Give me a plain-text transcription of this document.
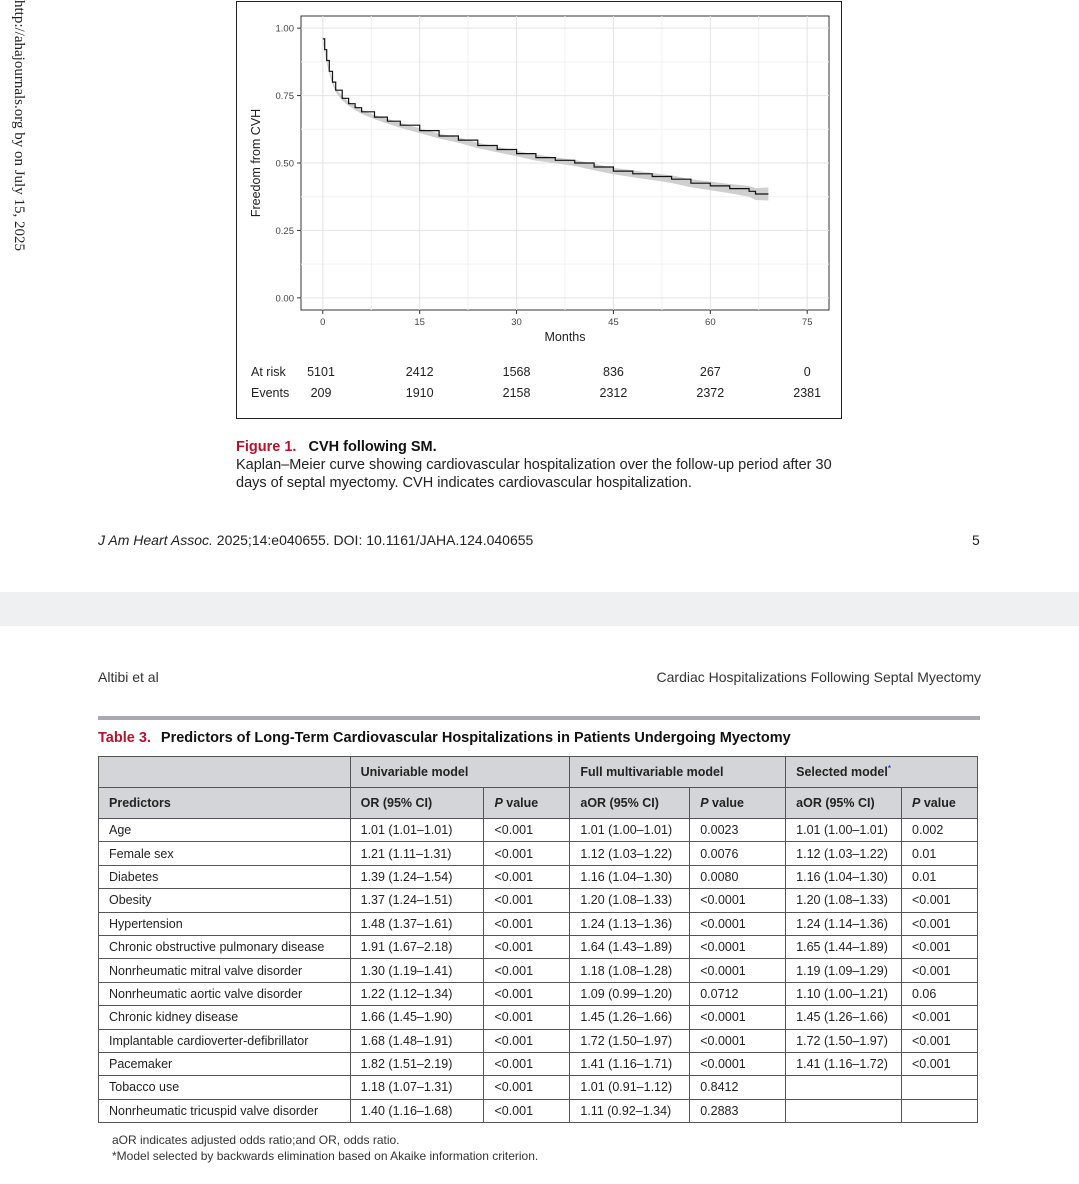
http://ahajournals.org by on July 15, 2025
0.00
0.25
0.50
0.75
1.00
0	15	30	45	60	75
Months
Freedom from CVH
At risk 5101	2412	1568	836	267	0
Events 209	1910	2158	2312	2372	2381
Figure 1. CVH following SM.
Kaplan–Meier curve showing cardiovascular hospitalization over the follow-up period after 30 days of septal myectomy. CVH indicates cardiovascular hospitalization.
J Am Heart Assoc. 2025;14:e040655. DOI: 10.1161/JAHA.124.040655	5
Altibi et al	Cardiac Hospitalizations Following Septal Myectomy
Table 3. Predictors of Long-Term Cardiovascular Hospitalizations in Patients Undergoing Myectomy
	Univariable model		Full multivariable model		Selected model*
Predictors	OR (95% CI)	P value	aOR (95% CI)	P value	aOR (95% CI)	P value
Age	1.01 (1.01–1.01)	<0.001	1.01 (1.00–1.01)	0.0023	1.01 (1.00–1.01)	0.002
Female sex	1.21 (1.11–1.31)	<0.001	1.12 (1.03–1.22)	0.0076	1.12 (1.03–1.22)	0.01
Diabetes	1.39 (1.24–1.54)	<0.001	1.16 (1.04–1.30)	0.0080	1.16 (1.04–1.30)	0.01
Obesity	1.37 (1.24–1.51)	<0.001	1.20 (1.08–1.33)	<0.0001	1.20 (1.08–1.33)	<0.001
Hypertension	1.48 (1.37–1.61)	<0.001	1.24 (1.13–1.36)	<0.0001	1.24 (1.14–1.36)	<0.001
Chronic obstructive pulmonary disease	1.91 (1.67–2.18)	<0.001	1.64 (1.43–1.89)	<0.0001	1.65 (1.44–1.89)	<0.001
Nonrheumatic mitral valve disorder	1.30 (1.19–1.41)	<0.001	1.18 (1.08–1.28)	<0.0001	1.19 (1.09–1.29)	<0.001
Nonrheumatic aortic valve disorder	1.22 (1.12–1.34)	<0.001	1.09 (0.99–1.20)	0.0712	1.10 (1.00–1.21)	0.06
Chronic kidney disease	1.66 (1.45–1.90)	<0.001	1.45 (1.26–1.66)	<0.0001	1.45 (1.26–1.66)	<0.001
Implantable cardioverter-defibrillator	1.68 (1.48–1.91)	<0.001	1.72 (1.50–1.97)	<0.0001	1.72 (1.50–1.97)	<0.001
Pacemaker	1.82 (1.51–2.19)	<0.001	1.41 (1.16–1.71)	<0.0001	1.41 (1.16–1.72)	<0.001
Tobacco use	1.18 (1.07–1.31)	<0.001	1.01 (0.91–1.12)	0.8412		
Nonrheumatic tricuspid valve disorder	1.40 (1.16–1.68)	<0.001	1.11 (0.92–1.34)	0.2883		
aOR indicates adjusted odds ratio;and OR, odds ratio.
*Model selected by backwards elimination based on Akaike information criterion.
